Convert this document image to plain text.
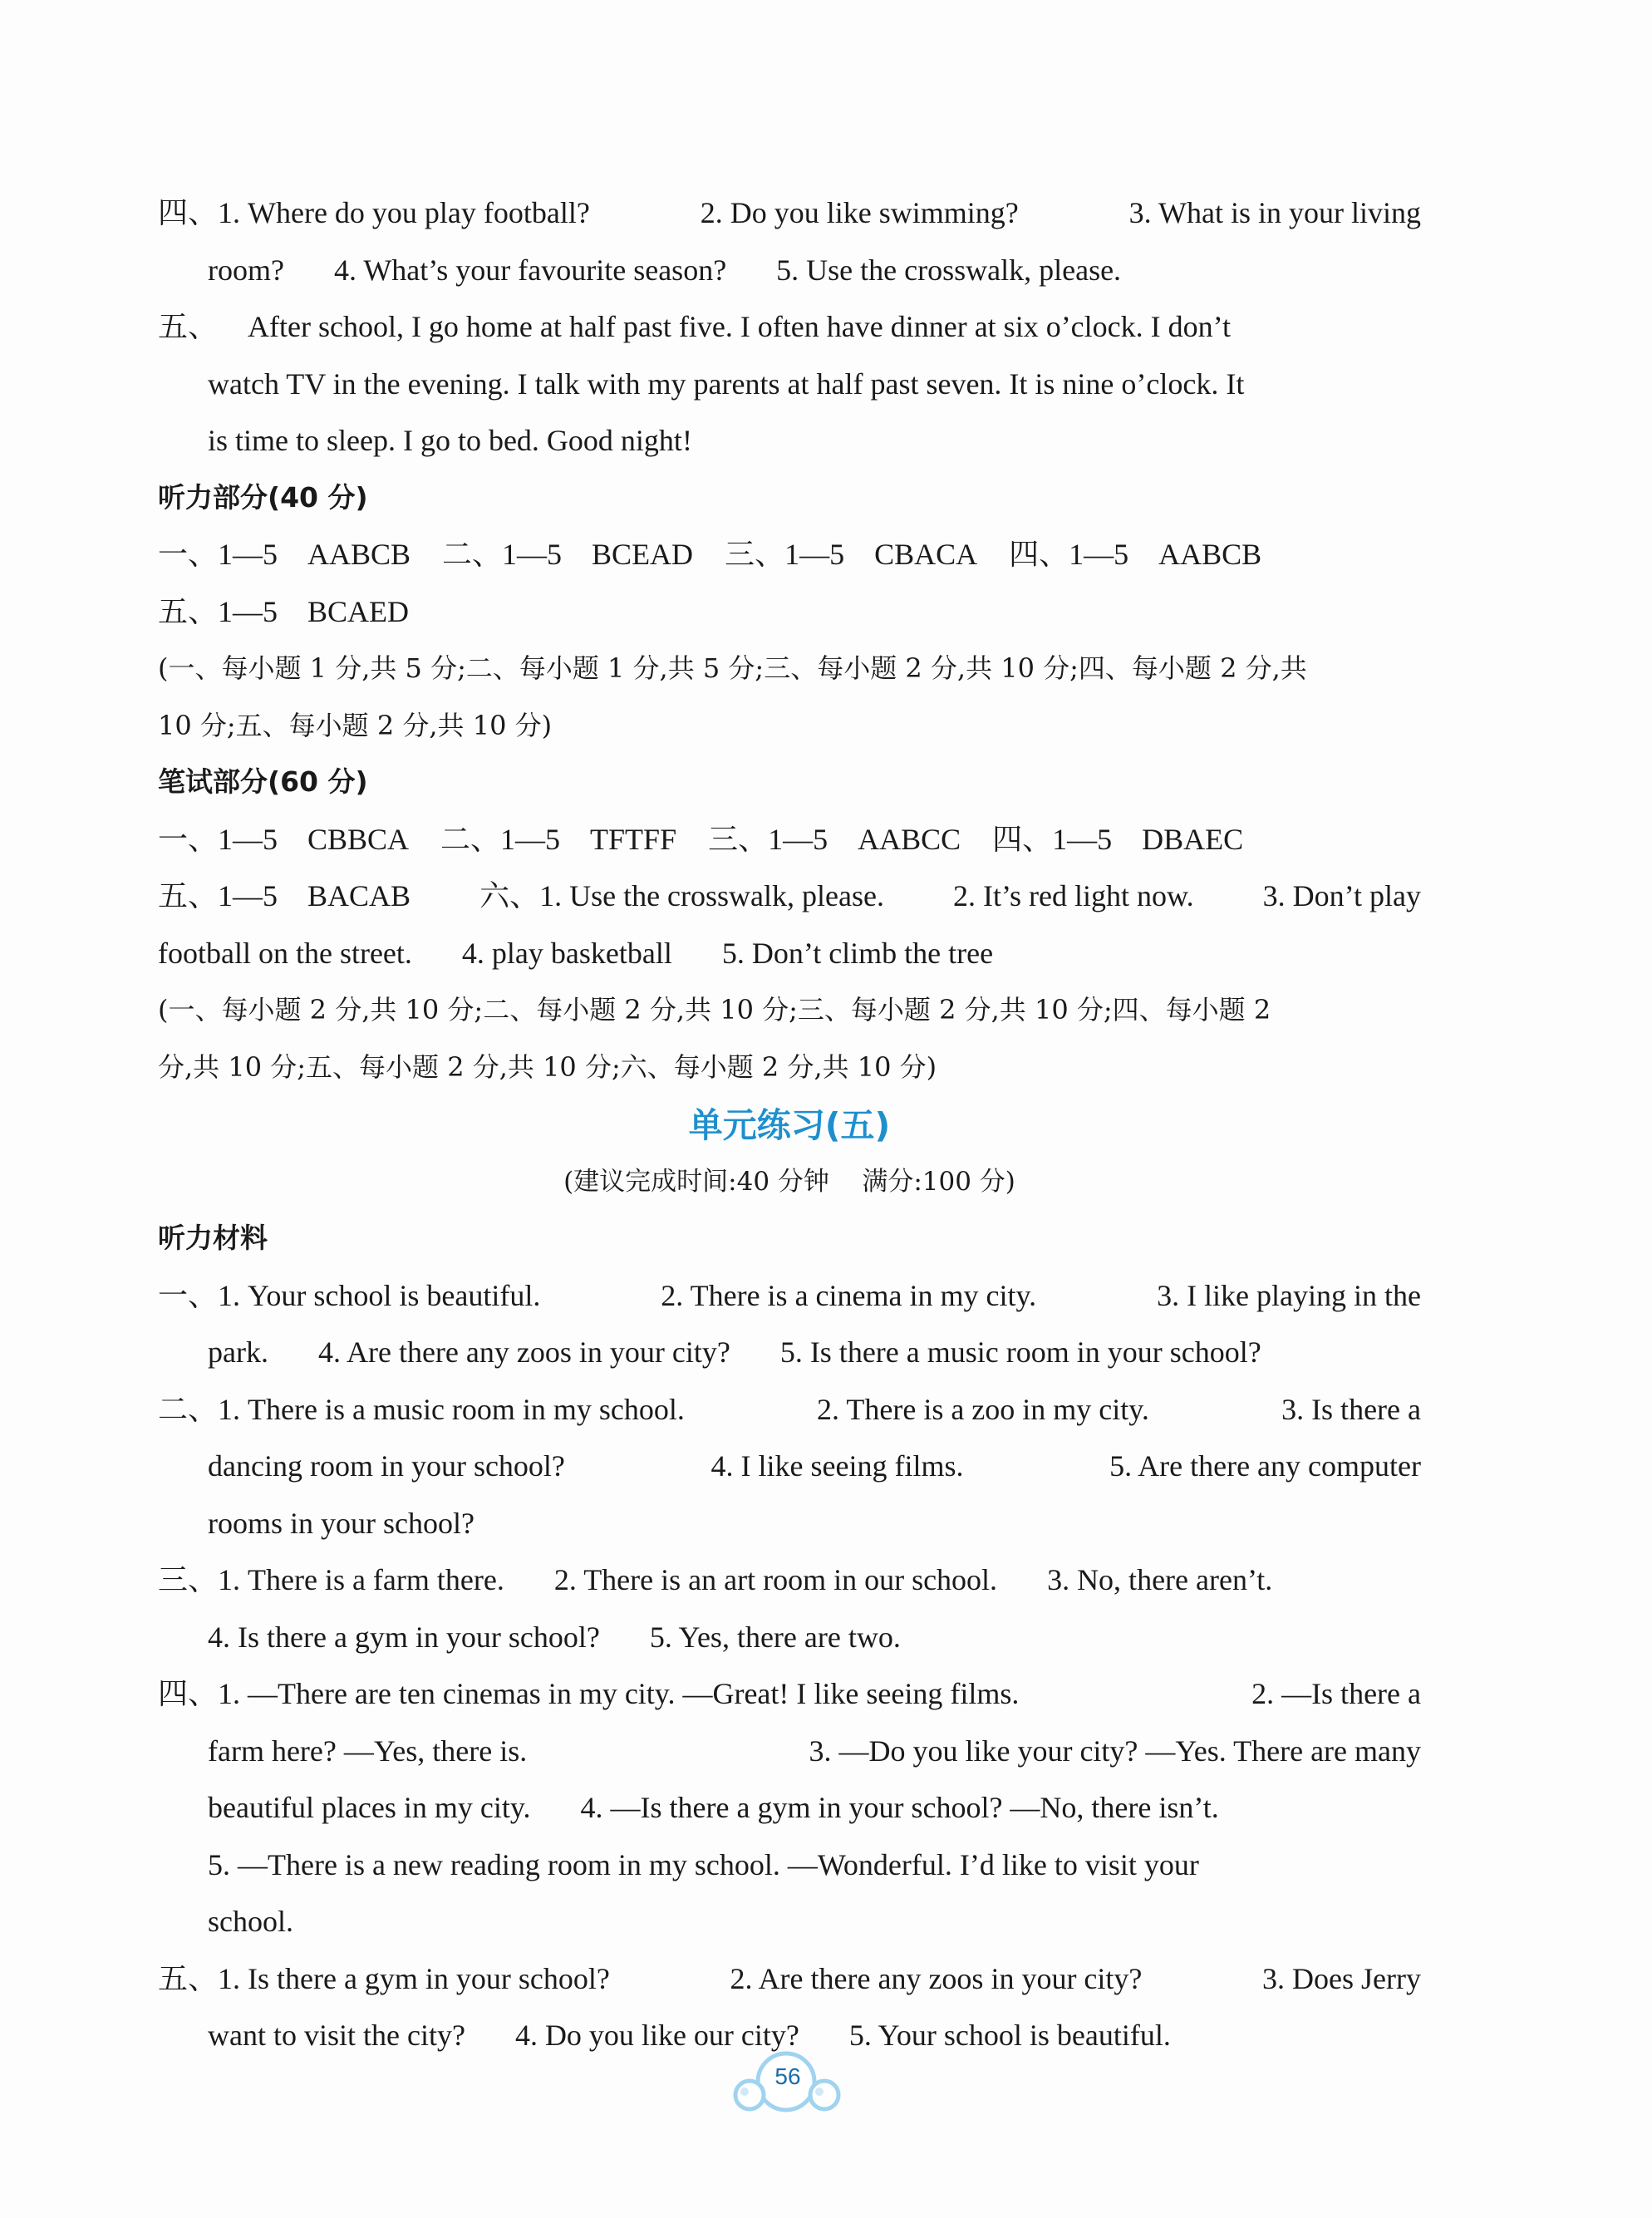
四、1. Where do you play football?	2. Do you like swimming?	3. What is in your living
room? 4. What’s your favourite season? 5. Use the crosswalk, please.
五、    After school, I go home at half past five. I often have dinner at six o’clock. I don’t
watch TV in the evening. I talk with my parents at half past seven. It is nine o’clock. It
is time to sleep. I go to bed. Good night!
听力部分(40 分)
一、1—5    AABCB 二、1—5    BCEAD 三、1—5    CBACA 四、1—5    AABCB
五、1—5    BCAED
(一、每小题 1 分,共 5 分;二、每小题 1 分,共 5 分;三、每小题 2 分,共 10 分;四、每小题 2 分,共
10 分;五、每小题 2 分,共 10 分)
笔试部分(60 分)
一、1—5    CBBCA 二、1—5    TFTFF 三、1—5    AABCC 四、1—5    DBAEC
五、1—5    BACAB 六、1. Use the crosswalk, please. 2. It’s red light now. 3. Don’t play
football on the street. 4. play basketball 5. Don’t climb the tree
(一、每小题 2 分,共 10 分;二、每小题 2 分,共 10 分;三、每小题 2 分,共 10 分;四、每小题 2
分,共 10 分;五、每小题 2 分,共 10 分;六、每小题 2 分,共 10 分)
单元练习(五)
(建议完成时间:40 分钟    满分:100 分)
听力材料
一、1. Your school is beautiful.	2. There is a cinema in my city.	3. I like playing in the
park. 4. Are there any zoos in your city? 5. Is there a music room in your school?
二、1. There is a music room in my school.	2. There is a zoo in my city.	3. Is there a
dancing room in your school?	4. I like seeing films.	5. Are there any computer
rooms in your school?
三、1. There is a farm there. 2. There is an art room in our school. 3. No, there aren’t.
4. Is there a gym in your school? 5. Yes, there are two.
四、1. —There are ten cinemas in my city. —Great! I like seeing films.	2. —Is there a
farm here? —Yes, there is.	3. —Do you like your city? —Yes. There are many
beautiful places in my city. 4. —Is there a gym in your school? —No, there isn’t.
5. —There is a new reading room in my school. —Wonderful. I’d like to visit your
school.
五、1. Is there a gym in your school?	2. Are there any zoos in your city?	3. Does Jerry
want to visit the city? 4. Do you like our city? 5. Your school is beautiful.
56
